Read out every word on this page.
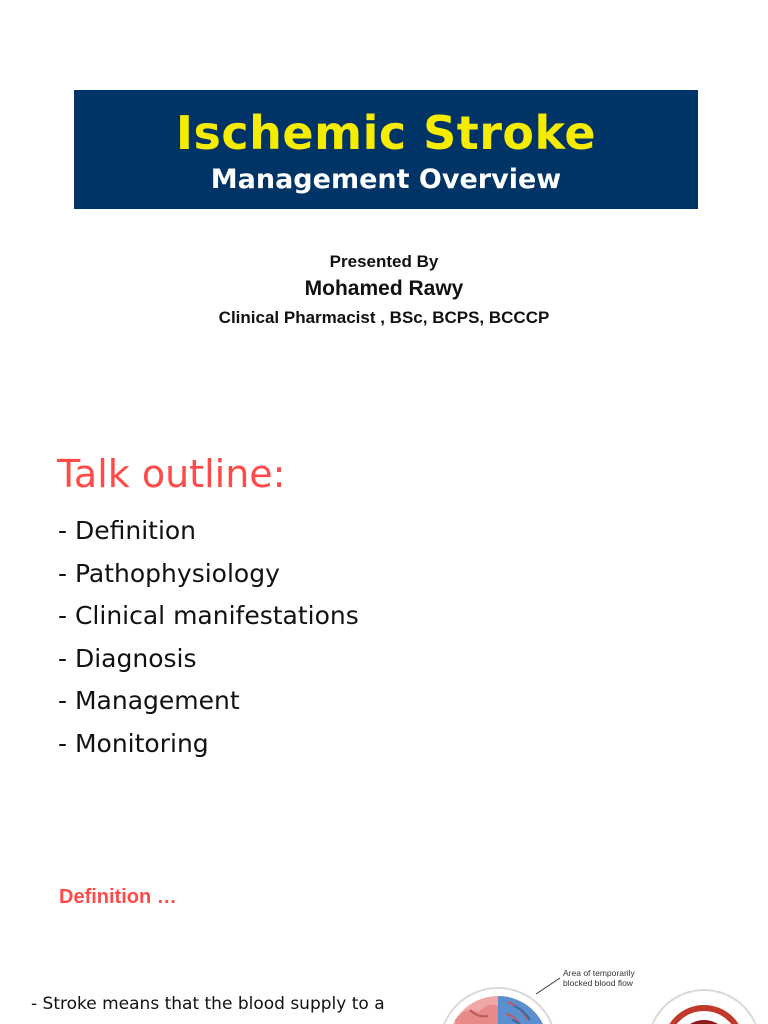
Ischemic Stroke
Management Overview
Presented By
Mohamed Rawy
Clinical Pharmacist , BSc, BCPS, BCCCP
Talk outline:
- Definition
- Pathophysiology
- Clinical manifestations
- Diagnosis
- Management
- Monitoring
Definition …
- Stroke means that the blood supply to a
Area of temporarily
blocked blood flow
